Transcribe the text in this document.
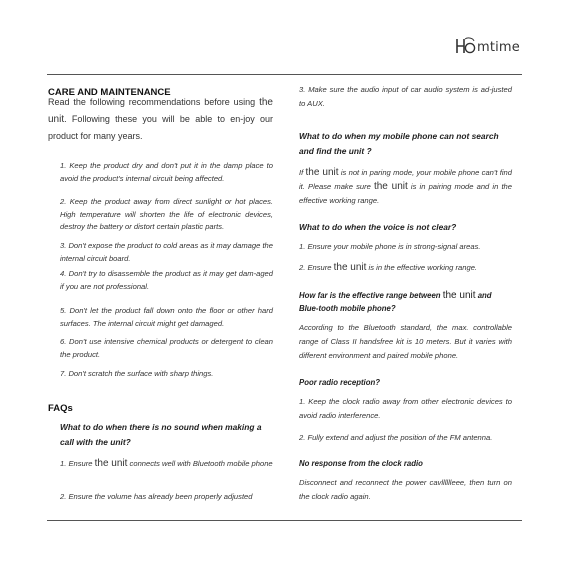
mtime
CARE AND MAINTENANCE
Read the following recommendations before using the unit. Following these you will be able to en-joy our product for many years.
1. Keep the product dry and don't put it in the damp place to avoid the product's internal circuit being affected.
2. Keep the product away from direct sunlight or hot places. High temperature will shorten the life of electronic devices, destroy the battery or distort certain plastic parts.
3. Don't expose the product to cold areas as it may damage the internal circuit board.
4. Don't try to disassemble the product as it may get dam-aged if you are not professional.
5. Don't let the product fall down onto the floor or other hard surfaces. The internal circuit might get damaged.
6. Don't use intensive chemical products or detergent to clean the product.
7. Don't scratch the surface with sharp things.
FAQs
What to do when there is no sound when making a call with the unit?
1. Ensure the unit connects well with Bluetooth mobile phone
2. Ensure the volume has already been properly adjusted
3. Make sure the audio input of car audio system is ad-justed to AUX.
What to do when my mobile phone can not search and find the unit ?
If the unit is not in paring mode, your mobile phone can't find it. Please make sure the unit is in pairing mode and in the effective working range.
What to do when the voice is not clear?
1. Ensure your mobile phone is in strong-signal areas.
2. Ensure the unit is in the effective working range.
How far is the effective range between the unit and Blue-tooth mobile phone?
According to the Bluetooth standard, the max. controllable range of Class II handsfree kit is 10 meters. But it varies with different environment and paired mobile phone.
Poor radio reception?
1. Keep the clock radio away from other electronic devices to avoid radio interference.
2. Fully extend and adjust the position of the FM antenna.
No response from the clock radio
Disconnect and reconnect the power cavlllllleee, then turn on the clock radio again.
